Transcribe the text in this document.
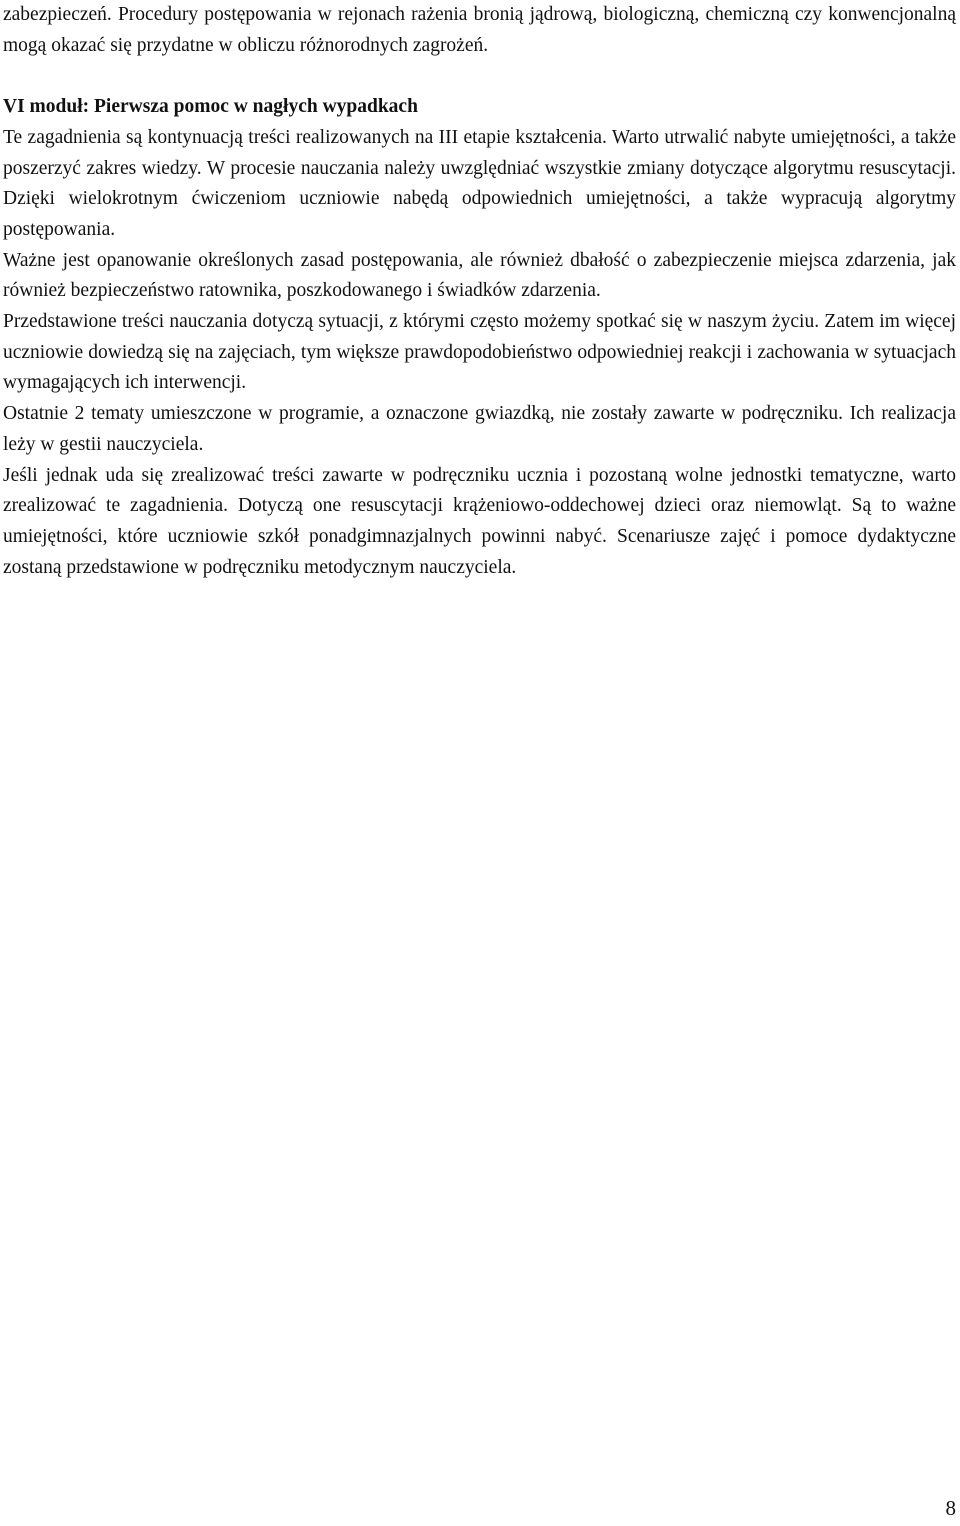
zabezpieczeń. Procedury postępowania w rejonach rażenia bronią jądrową, biologiczną, chemiczną czy konwencjonalną mogą okazać się przydatne w obliczu różnorodnych zagrożeń.

VI moduł: Pierwsza pomoc w nagłych wypadkach

Te zagadnienia są kontynuacją treści realizowanych na III etapie kształcenia. Warto utrwalić nabyte umiejętności, a także poszerzyć zakres wiedzy. W procesie nauczania należy uwzględniać wszystkie zmiany dotyczące algorytmu resuscytacji. Dzięki wielokrotnym ćwiczeniom uczniowie nabędą odpowiednich umiejętności, a także wypracują algorytmy postępowania.

Ważne jest opanowanie określonych zasad postępowania, ale również dbałość o zabezpieczenie miejsca zdarzenia, jak również bezpieczeństwo ratownika, poszkodowanego i świadków zdarzenia.

Przedstawione treści nauczania dotyczą sytuacji, z którymi często możemy spotkać się w naszym życiu. Zatem im więcej uczniowie dowiedzą się na zajęciach, tym większe prawdopodobieństwo odpowiedniej reakcji i zachowania w sytuacjach wymagających ich interwencji.

Ostatnie 2 tematy umieszczone w programie, a oznaczone gwiazdką, nie zostały zawarte w podręczniku. Ich realizacja leży w gestii nauczyciela.

Jeśli jednak uda się zrealizować treści zawarte w podręczniku ucznia i pozostaną wolne jednostki tematyczne, warto zrealizować te zagadnienia. Dotyczą one resuscytacji krążeniowo-oddechowej dzieci oraz niemowląt. Są to ważne umiejętności, które uczniowie szkół ponadgimnazjalnych powinni nabyć. Scenariusze zajęć i pomoce dydaktyczne zostaną przedstawione w podręczniku metodycznym nauczyciela.

8
